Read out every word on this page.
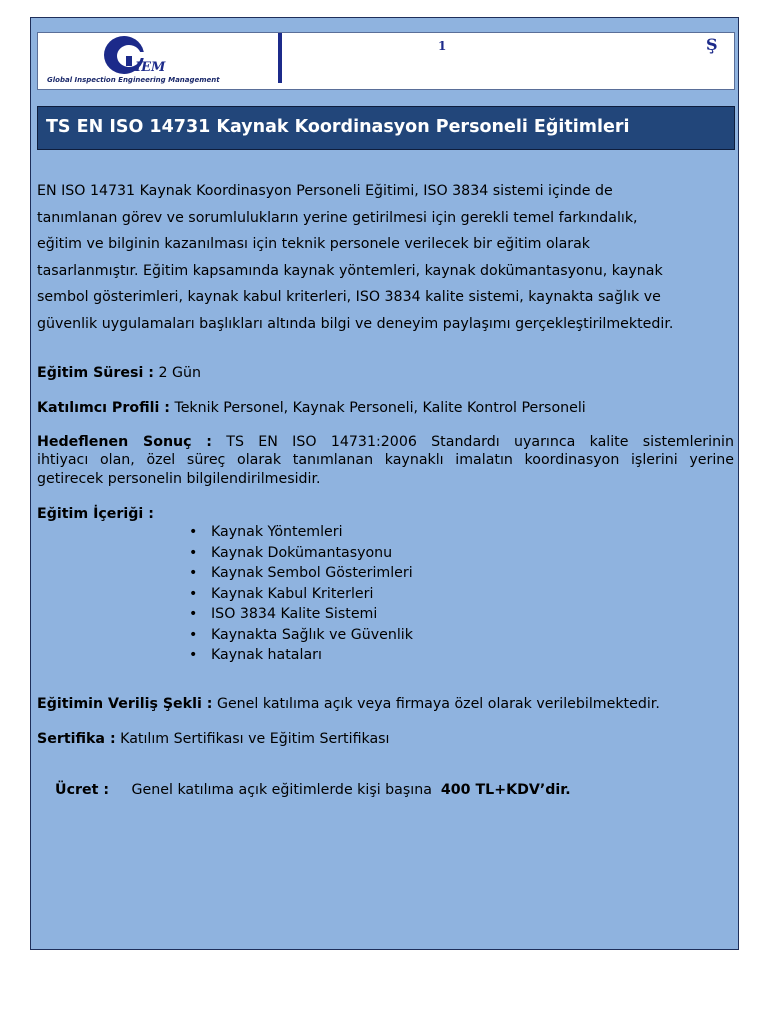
IEM
Global Inspection Engineering Management
1	Ş
TS EN ISO 14731 Kaynak Koordinasyon Personeli Eğitimleri
EN ISO 14731 Kaynak Koordinasyon Personeli Eğitimi, ISO 3834 sistemi içinde de
tanımlanan görev ve sorumlulukların yerine getirilmesi için gerekli temel farkındalık,
eğitim ve bilginin kazanılması için teknik personele verilecek bir eğitim olarak
tasarlanmıştır. Eğitim kapsamında kaynak yöntemleri, kaynak dokümantasyonu, kaynak
sembol gösterimleri, kaynak kabul kriterleri, ISO 3834 kalite sistemi, kaynakta sağlık ve
güvenlik uygulamaları başlıkları altında bilgi ve deneyim paylaşımı gerçekleştirilmektedir.
Eğitim Süresi : 2 Gün
Katılımcı Profili : Teknik Personel, Kaynak Personeli, Kalite Kontrol Personeli
Hedeflenen Sonuç : TS EN ISO 14731:2006 Standardı uyarınca kalite sistemlerinin
ihtiyacı olan, özel süreç olarak tanımlanan kaynaklı imalatın koordinasyon işlerini yerine
getirecek personelin bilgilendirilmesidir.
Eğitim İçeriği :
• Kaynak Yöntemleri
• Kaynak Dokümantasyonu
• Kaynak Sembol Gösterimleri
• Kaynak Kabul Kriterleri
• ISO 3834 Kalite Sistemi
• Kaynakta Sağlık ve Güvenlik
• Kaynak hataları
Eğitimin Veriliş Şekli : Genel katılıma açık veya firmaya özel olarak verilebilmektedir.
Sertifika : Katılım Sertifikası ve Eğitim Sertifikası

Ücret :     Genel katılıma açık eğitimlerde kişi başına  400 TL+KDV’dir.
